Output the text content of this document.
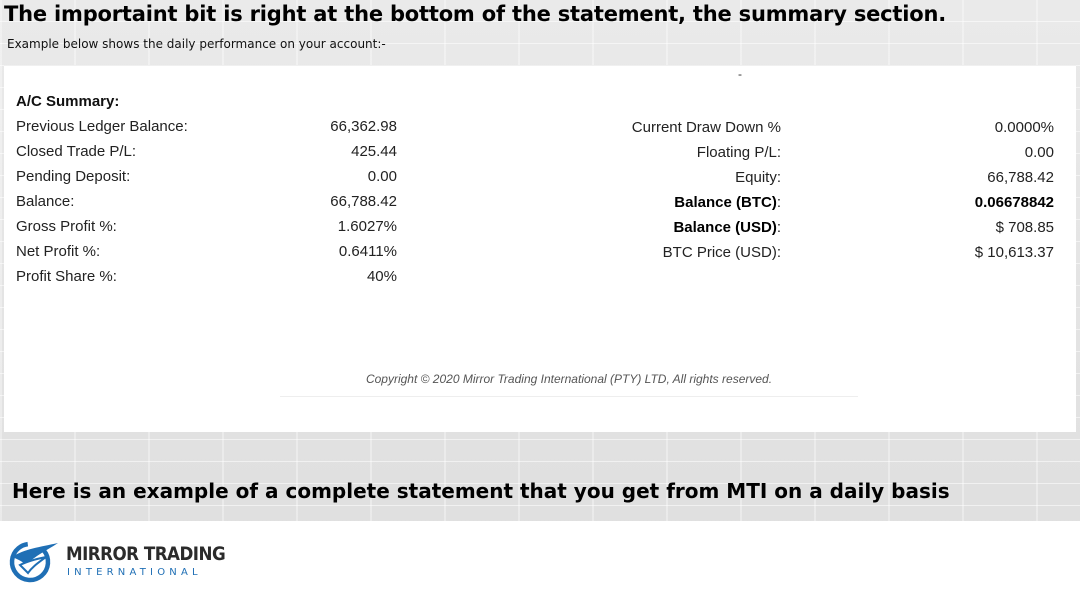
The importaint bit is right at the bottom of the statement, the summary section.

Example below shows the daily performance on your account:-

-
A/C Summary:
Previous Ledger Balance:	66,362.98
Closed Trade P/L:	425.44
Pending Deposit:	0.00
Balance:	66,788.42
Gross Profit %:	1.6027%
Net Profit %:	0.6411%
Profit Share %:	40%
Current Draw Down %	0.0000%
Floating P/L:	0.00
Equity:	66,788.42
Balance (BTC):	0.06678842
Balance (USD):	$ 708.85
BTC Price (USD):	$ 10,613.37
Copyright © 2020 Mirror Trading International (PTY) LTD, All rights reserved.
Here is an example of a complete statement that you get from MTI on a daily basis
MIRROR TRADING
INTERNATIONAL
